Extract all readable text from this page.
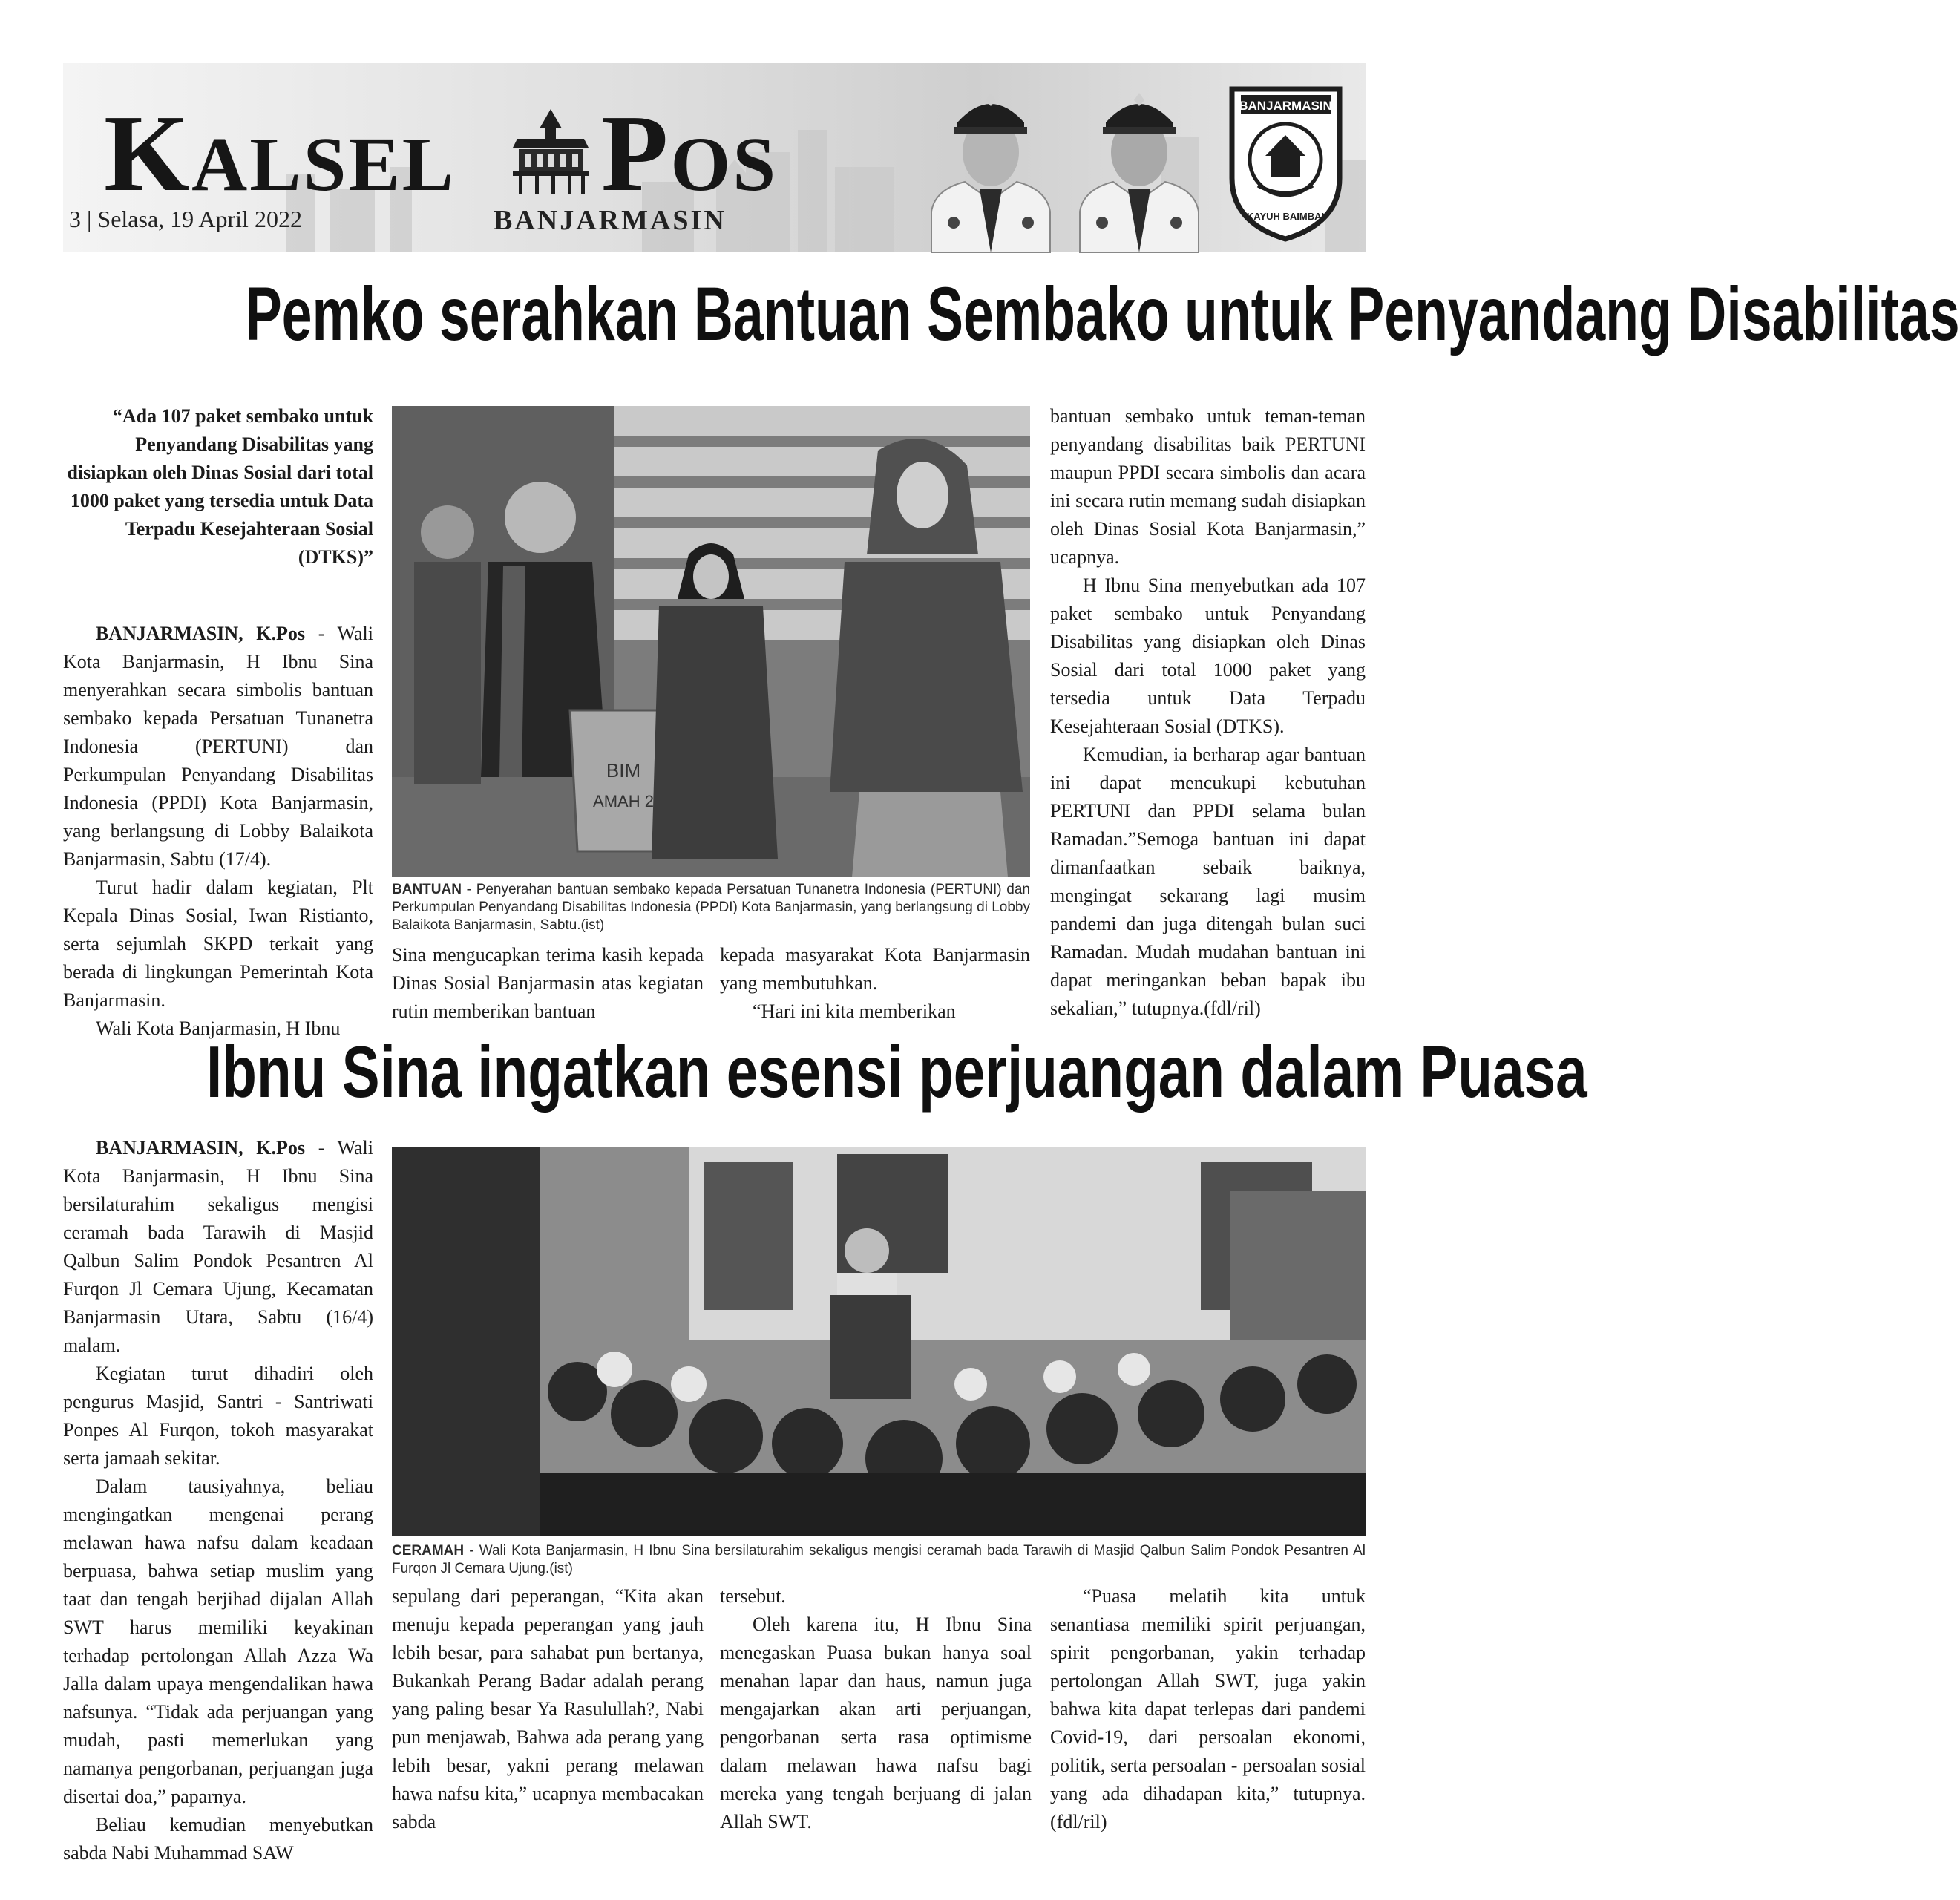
KALSEL POS
3 | Selasa, 19 April 2022	BANJARMASIN
BANJARMASIN
KAYUH BAIMBAI
Pemko serahkan Bantuan Sembako untuk Penyandang Disabilitas
“Ada 107 paket sembako untuk Penyandang Disabilitas yang disiapkan oleh Dinas Sosial dari total 1000 paket yang tersedia untuk Data Terpadu Kesejahteraan Sosial (DTKS)”

BANJARMASIN, K.Pos - Wali Kota Banjarmasin, H Ibnu Sina menyerahkan secara simbolis bantuan sembako kepada Persatuan Tunanetra Indonesia (PERTUNI) dan Perkumpulan Penyandang Disabilitas Indonesia (PPDI) Kota Banjarmasin, yang berlangsung di Lobby Balaikota Banjarmasin, Sabtu (17/4).

Turut hadir dalam kegiatan, Plt Kepala Dinas Sosial, Iwan Ristianto, serta sejumlah SKPD terkait yang berada di lingkungan Pemerintah Kota Banjarmasin.

Wali Kota Banjarmasin, H Ibnu

BIM
AMAH 2
BANTUAN - Penyerahan bantuan sembako kepada Persatuan Tunanetra Indonesia (PERTUNI) dan Perkumpulan Penyandang Disabilitas Indonesia (PPDI) Kota Banjarmasin, yang berlangsung di Lobby Balaikota Banjarmasin, Sabtu.(ist)

Sina mengucapkan terima kasih kepada Dinas Sosial Banjarmasin atas kegiatan rutin memberikan bantuan

kepada masyarakat Kota Banjarmasin yang membutuhkan.

“Hari ini kita memberikan

bantuan sembako untuk teman-teman penyandang disabilitas baik PERTUNI maupun PPDI secara simbolis dan acara ini secara rutin memang sudah disiapkan oleh Dinas Sosial Kota Banjarmasin,” ucapnya.

H Ibnu Sina menyebutkan ada 107 paket sembako untuk Penyandang Disabilitas yang disiapkan oleh Dinas Sosial dari total 1000 paket yang tersedia untuk Data Terpadu Kesejahteraan Sosial (DTKS).

Kemudian, ia berharap agar bantuan ini dapat mencukupi kebutuhan PERTUNI dan PPDI selama bulan Ramadan.”Semoga bantuan ini dapat dimanfaatkan sebaik baiknya, mengingat sekarang lagi musim pandemi dan juga ditengah bulan suci Ramadan. Mudah mudahan bantuan ini dapat meringankan beban bapak ibu sekalian,” tutupnya.(fdl/ril)

Ibnu Sina ingatkan esensi perjuangan dalam Puasa

BANJARMASIN, K.Pos - Wali Kota Banjarmasin, H Ibnu Sina bersilaturahim sekaligus mengisi ceramah bada Tarawih di Masjid Qalbun Salim Pondok Pesantren Al Furqon Jl Cemara Ujung, Kecamatan Banjarmasin Utara, Sabtu (16/4) malam.

Kegiatan turut dihadiri oleh pengurus Masjid, Santri - Santriwati Ponpes Al Furqon, tokoh masyarakat serta jamaah sekitar.

Dalam tausiyahnya, beliau mengingatkan mengenai perang melawan hawa nafsu dalam keadaan berpuasa, bahwa setiap muslim yang taat dan tengah berjihad dijalan Allah SWT harus memiliki keyakinan terhadap pertolongan Allah Azza Wa Jalla dalam upaya mengendalikan hawa nafsunya. “Tidak ada perjuangan yang mudah, pasti memerlukan yang namanya pengorbanan, perjuangan juga disertai doa,” paparnya.

Beliau kemudian menyebutkan sabda Nabi Muhammad SAW

CERAMAH - Wali Kota Banjarmasin, H Ibnu Sina bersilaturahim sekaligus mengisi ceramah bada Tarawih di Masjid Qalbun Salim Pondok Pesantren Al Furqon Jl Cemara Ujung.(ist)

sepulang dari peperangan, “Kita akan menuju kepada peperangan yang jauh lebih besar, para sahabat pun bertanya, Bukankah Perang Badar adalah perang yang paling besar Ya Rasulullah?, Nabi pun menjawab, Bahwa ada perang yang lebih besar, yakni perang melawan hawa nafsu kita,” ucapnya membacakan sabda

tersebut.

Oleh karena itu, H Ibnu Sina menegaskan Puasa bukan hanya soal menahan lapar dan haus, namun juga mengajarkan akan arti perjuangan, pengorbanan serta rasa optimisme dalam melawan hawa nafsu bagi mereka yang tengah berjuang di jalan Allah SWT.

“Puasa melatih kita untuk senantiasa memiliki spirit perjuangan, spirit pengorbanan, yakin terhadap pertolongan Allah SWT, juga yakin bahwa kita dapat terlepas dari pandemi Covid-19, dari persoalan ekonomi, politik, serta persoalan - persoalan sosial yang ada dihadapan kita,” tutupnya.(fdl/ril)
